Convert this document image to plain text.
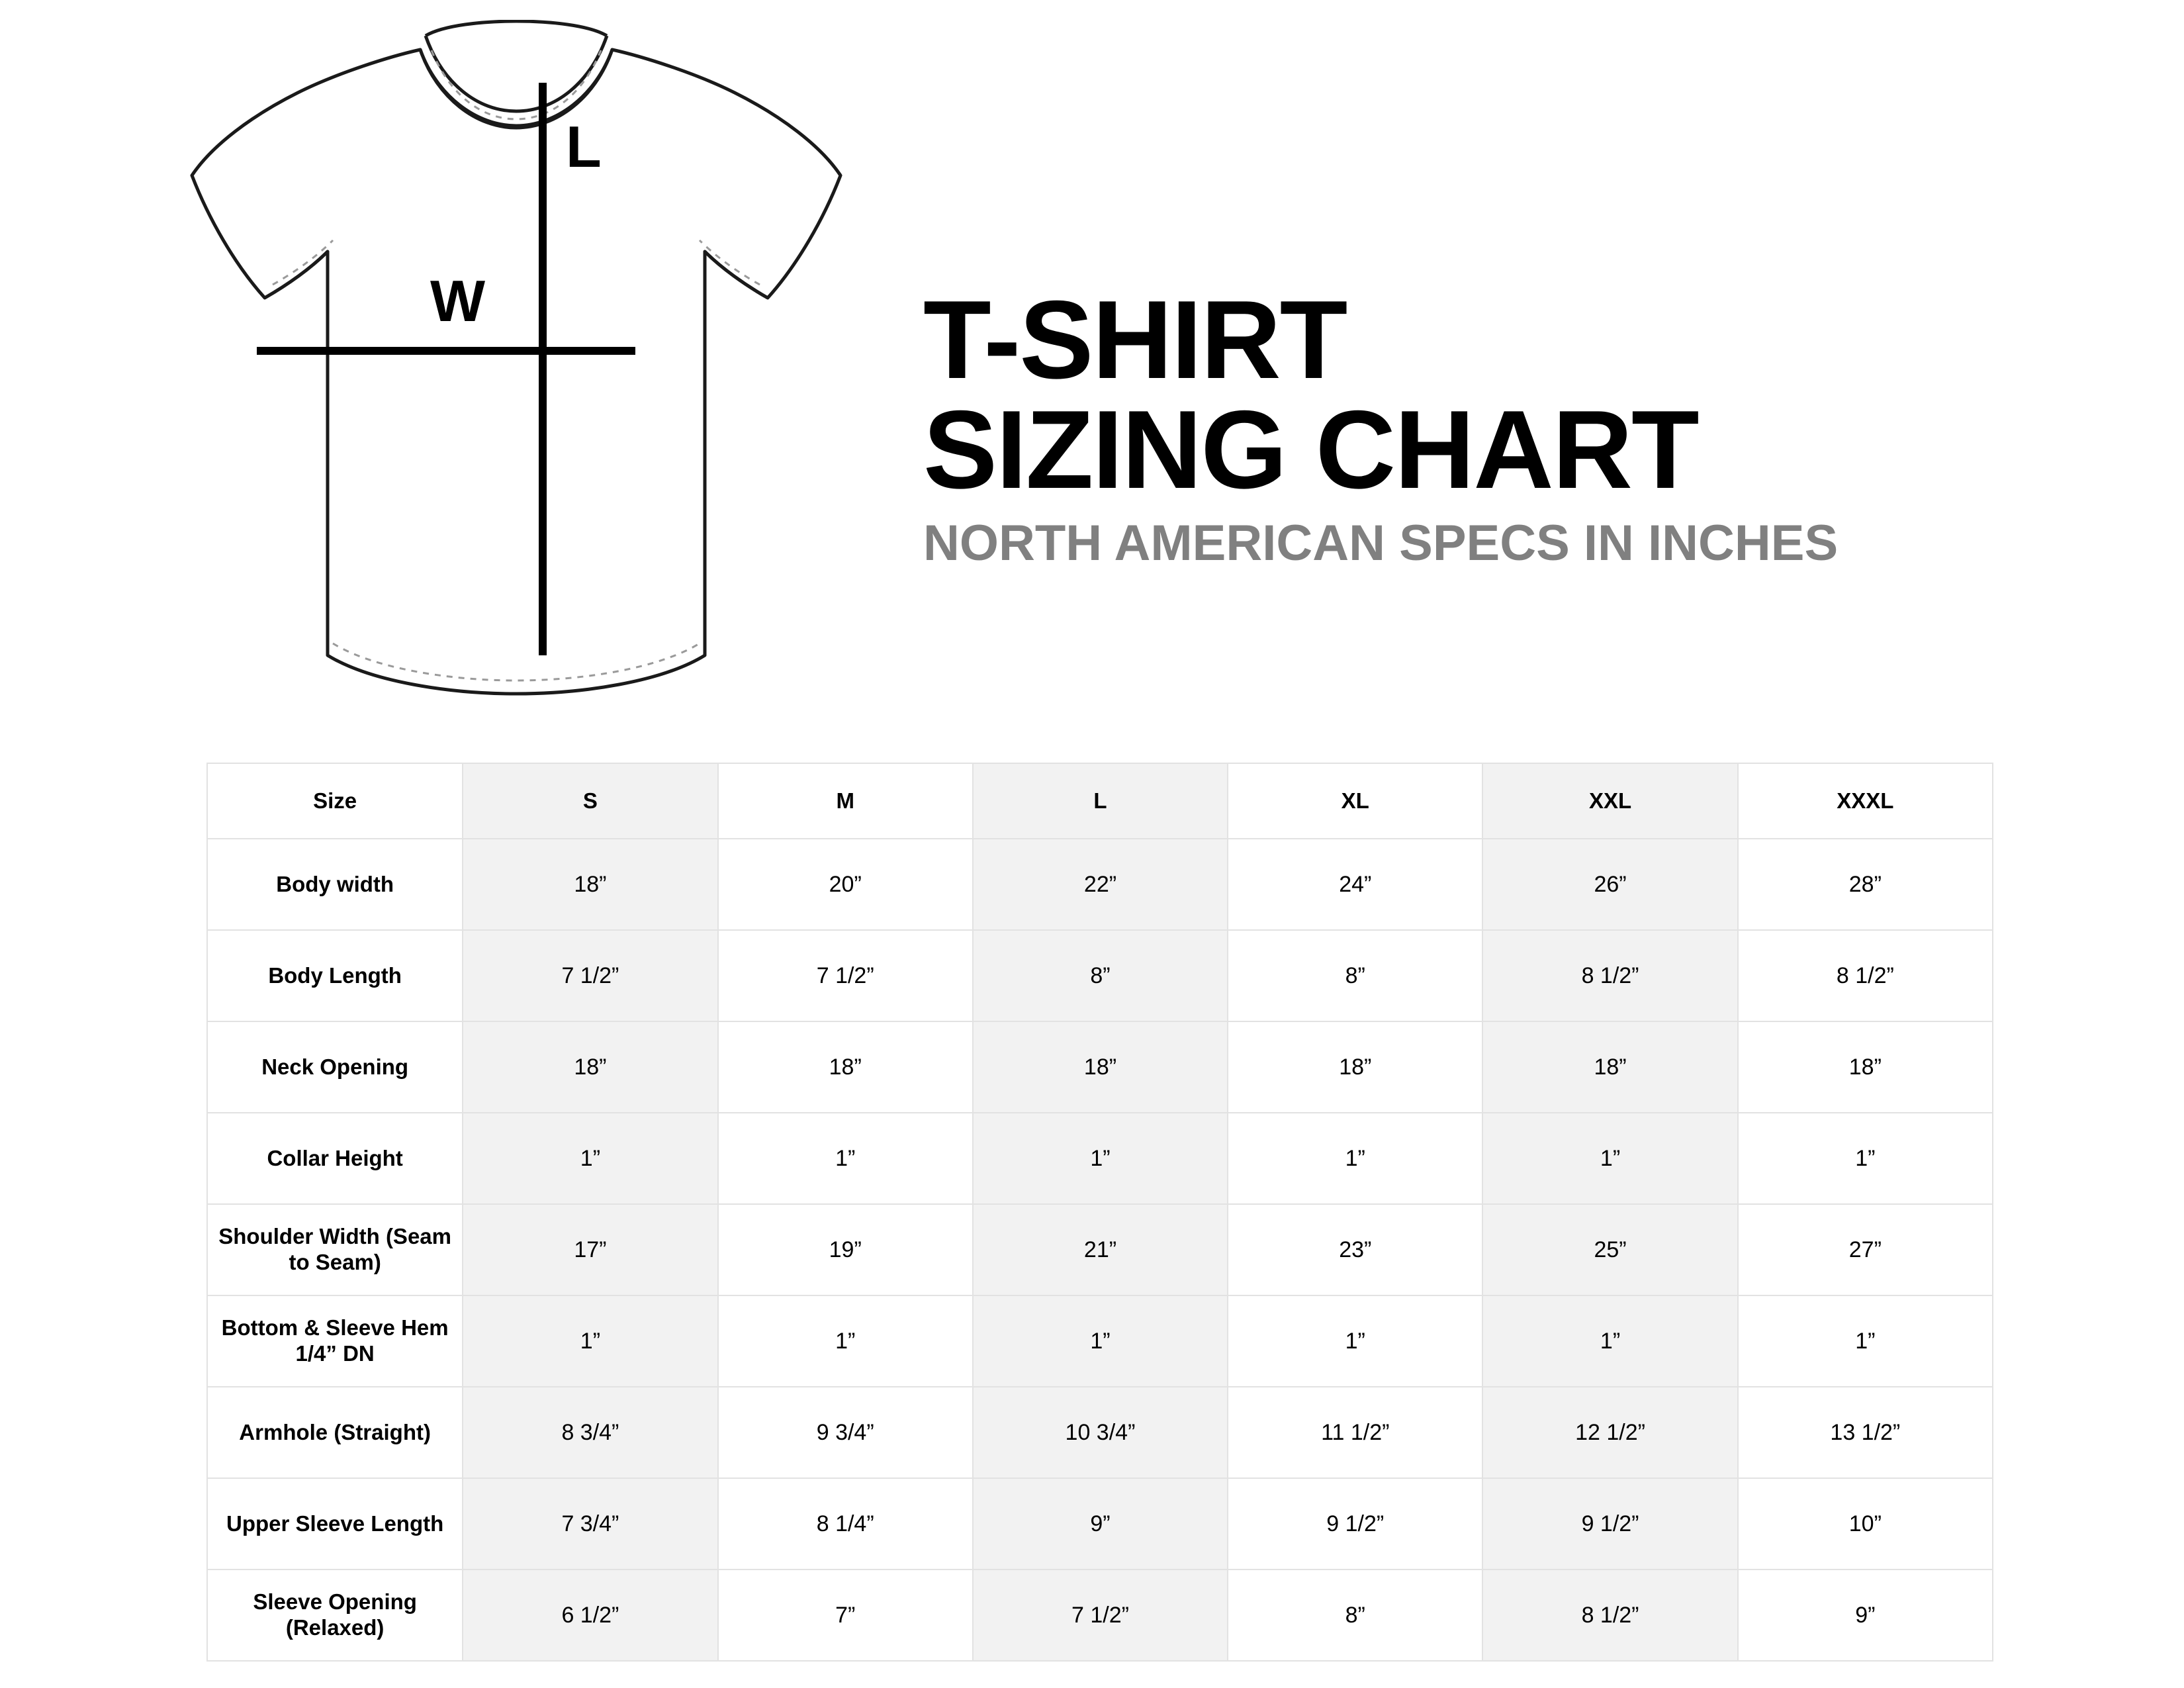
L
W	T-SHIRT
SIZING CHART
NORTH AMERICAN SPECS IN INCHES
Size	S	M	L	XL	XXL	XXXL
Body width	18”	20”	22”	24”	26”	28”
Body Length	7 1/2”	7 1/2”	8”	8”	8 1/2”	8 1/2”
Neck Opening	18”	18”	18”	18”	18”	18”
Collar Height	1”	1”	1”	1”	1”	1”
Shoulder Width (Seam to Seam)	17”	19”	21”	23”	25”	27”
Bottom & Sleeve Hem 1/4” DN	1”	1”	1”	1”	1”	1”
Armhole (Straight)	8 3/4”	9 3/4”	10 3/4”	11 1/2”	12 1/2”	13 1/2”
Upper Sleeve Length	7 3/4”	8 1/4”	9”	9 1/2”	9 1/2”	10”
Sleeve Opening (Relaxed)	6 1/2”	7”	7 1/2”	8”	8 1/2”	9”
